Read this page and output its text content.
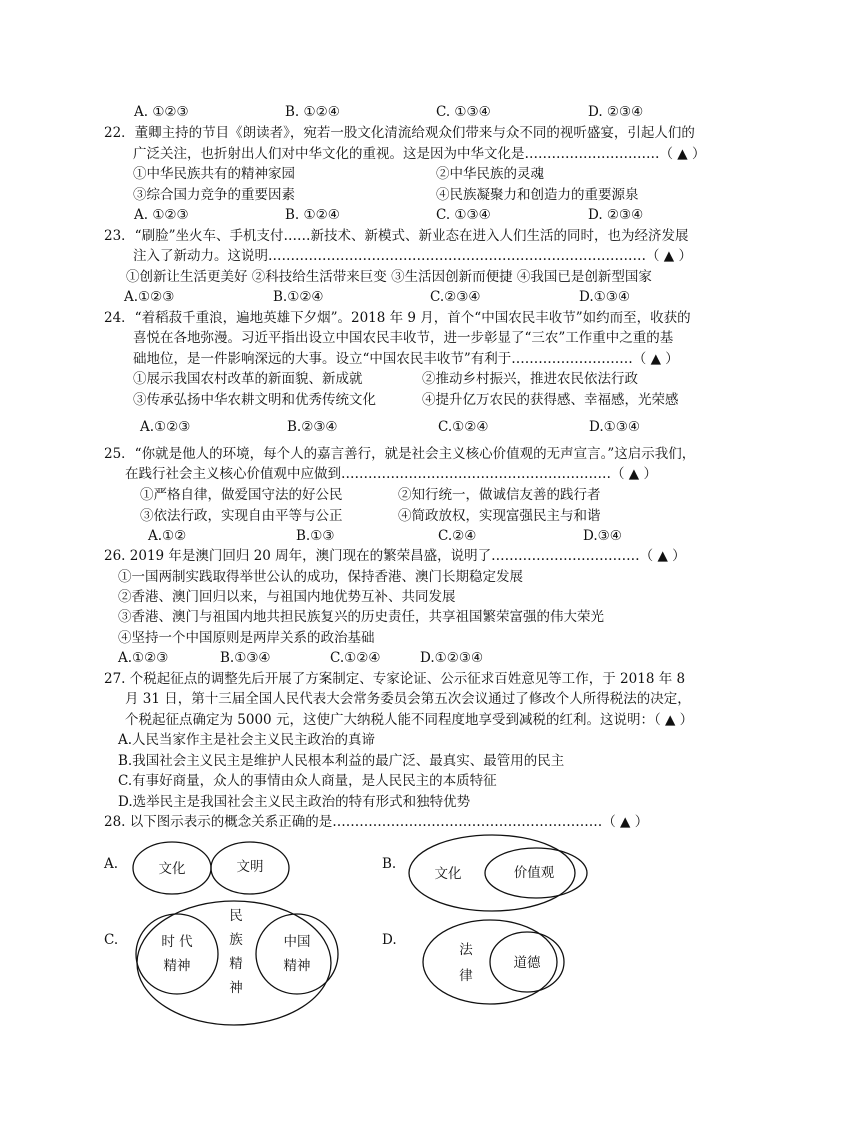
A. ①②③	B. ①②④	C. ①③④	D. ②③④
22．董卿主持的节目《朗读者》，宛若一股文化清流给观众们带来与众不同的视听盛宴，引起人们的
广泛关注，也折射出人们对中华文化的重视。这是因为中华文化是…………………………（ ▲ ）
①中华民族共有的精神家园	②中华民族的灵魂
③综合国力竞争的重要因素	④民族凝聚力和创造力的重要源泉
A. ①②③	B. ①②④	C. ①③④	D. ②③④
23．“刷脸”坐火车、手机支付……新技术、新模式、新业态在进入人们生活的同时，也为经济发展
注入了新动力。这说明…………………………………………………………………………（ ▲ ）
①创新让生活更美好 ②科技给生活带来巨变 ③生活因创新而便捷 ④我国已是创新型国家
A.①②③	B.①②④	C.②③④	D.①③④
24．“着稻菽千重浪，遍地英雄下夕烟”。2018 年 9 月，首个“中国农民丰收节”如约而至，收获的
喜悦在各地弥漫。习近平指出设立中国农民丰收节，进一步彰显了“三农”工作重中之重的基
础地位，是一件影响深远的大事。设立“中国农民丰收节”有利于………………………（ ▲ ）
①展示我国农村改革的新面貌、新成就	②推动乡村振兴，推进农民依法行政
③传承弘扬中华农耕文明和优秀传统文化	④提升亿万农民的获得感、幸福感，光荣感
A.①②③	B.②③④	C.①②④	D.①③④
25．“你就是他人的环境，每个人的嘉言善行，就是社会主义核心价值观的无声宣言。”这启示我们，
在践行社会主义核心价值观中应做到……………………………………………………（ ▲ ）
①严格自律，做爱国守法的好公民	②知行统一，做诚信友善的践行者
③依法行政，实现自由平等与公正	④简政放权，实现富强民主与和谐
A.①②	B.①③	C.②④	D.③④
26. 2019 年是澳门回归 20 周年，澳门现在的繁荣昌盛，说明了……………………………（ ▲ ）
①一国两制实践取得举世公认的成功，保持香港、澳门长期稳定发展
②香港、澳门回归以来，与祖国内地优势互补、共同发展
③香港、澳门与祖国内地共担民族复兴的历史责任，共享祖国繁荣富强的伟大荣光
④坚持一个中国原则是两岸关系的政治基础
A.①②③	B.①③④	C.①②④	D.①②③④
27. 个税起征点的调整先后开展了方案制定、专家论证、公示征求百姓意见等工作，于 2018 年 8
月 31 日，第十三届全国人民代表大会常务委员会第五次会议通过了修改个人所得税法的决定，
个税起征点确定为 5000 元，这使广大纳税人能不同程度地享受到减税的红利。这说明：（ ▲ ）
A.人民当家作主是社会主义民主政治的真谛
B.我国社会主义民主是维护人民根本利益的最广泛、最真实、最管用的民主
C.有事好商量，众人的事情由众人商量，是人民民主的本质特征
D.选举民主是我国社会主义民主政治的特有形式和独特优势
28. 以下图示表示的概念关系正确的是……………………………………………………（ ▲ ）
A.	B.
C.	D.
文化	文明	文化	价值观
时 代
精神
民
族
精
神
中国
精神
法
律
道德
